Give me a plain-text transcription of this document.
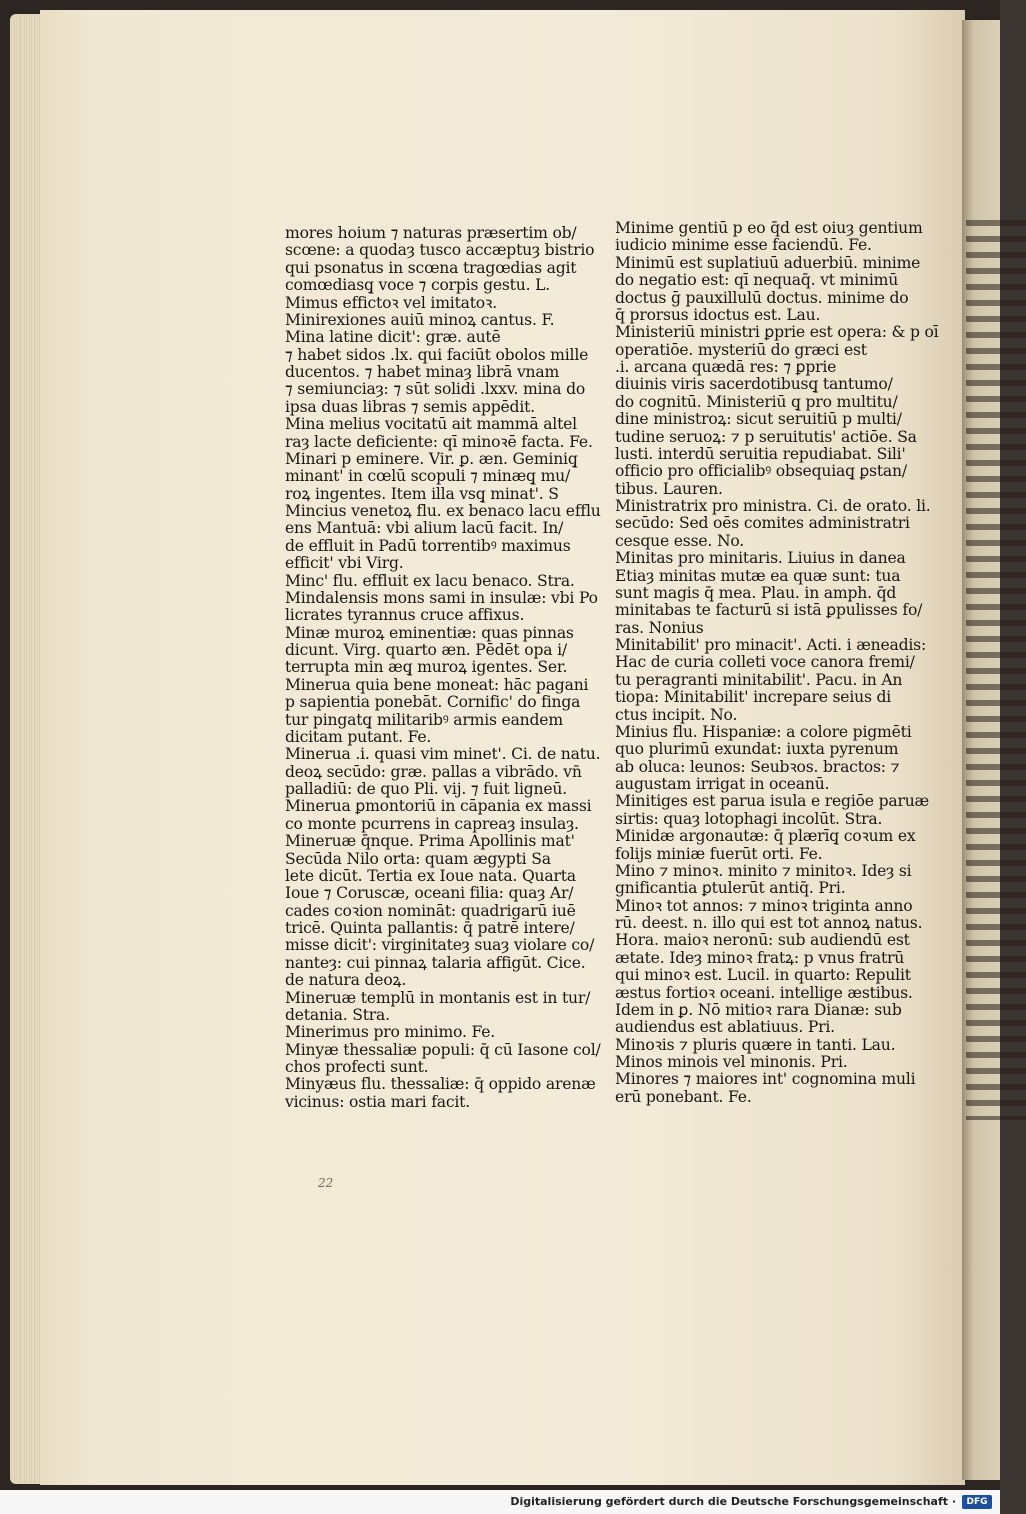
mores hoium ⁊ naturas præsertim ob/
scœne: a quodaȝ tusco accæptuȝ bistrio
qui psonatus in scœna tragœdias agit
comœdiasq̧ voce ⁊ corpis gestu. L.
Mimus effictoꝛ vel imitatoꝛ.
Minirexiones auiū minoꝝ cantus. F.
Mina latine dicit': græ. autē
⁊ habet sidos .lx. qui faciūt obolos mille
ducentos. ⁊ habet minaȝ librā vnam
⁊ semiunciaȝ: ⁊ sūt solidi .lxxv. mina do
ipsa duas libras ⁊ semis appēdit.
Mina melius vocitatū ait mammā altel
raȝ lacte deficiente: qī minoꝛē facta. Fe.
Minari p eminere. Vir. ꝑ. æn. Geminiq̧
minant' in cœlū scopuli ⁊ minæq̧ mu/
roꝝ ingentes. Item illa vsq̧ minat'. S
Mincius venetoꝝ flu. ex benaco lacu efflu
ens Mantuā: vbi alium lacū facit. In/
de effluit in Padū torrentibꝰ maximus
efficit' vbi Virg.
Minc' flu. effluit ex lacu benaco. Stra.
Mindalensis mons sami in insulæ: vbi Po
licrates tyrannus cruce affixus.
Minæ muroꝝ eminentiæ: quas pinnas
dicunt. Virg. quarto æn. Pēdēt opa i/
terrupta min æq̧ muroꝝ igentes. Ser.
Minerua quia bene moneat: hāc pagani
p sapientia ponebāt. Cornific' do finga
tur pingatq̧ militaribꝰ armis eandem
dicitam putant. Fe.
Minerua .i. quasi vim minet'. Ci. de natu.
deoꝝ secūdo: græ. pallas a vibrādo. vn̄
palladiū: de quo Pli. vij. ⁊ fuit ligneū.
Minerua ꝑmontoriū in cāpania ex massi
co monte pcurrens in capreaȝ insulaȝ.
Mineruæ q̄nque. Prima Apollinis mat'
Secūda Nilo orta: quam ægypti Sa
lete dicūt. Tertia ex Ioue nata. Quarta
Ioue ⁊ Coruscæ, oceani filia: quaȝ Ar/
cades coꝛion nomināt: quadrigarū iuē
tricē. Quinta pallantis: q̄ patrē intere/
misse dicit': virginitateȝ suaȝ violare co/
nanteȝ: cui pinnaꝝ talaria affigūt. Cice.
de natura deoꝝ.
Mineruæ templū in montanis est in tur/
detania. Stra.
Minerimus pro minimo. Fe.
Minyæ thessaliæ populi: q̄ cū Iasone col/
chos profecti sunt.
Minyæus flu. thessaliæ: q̄ oppido arenæ
vicinus: ostia mari facit.
Minime gentiū p eo q̄d est oiuȝ gentium
iudicio minime esse faciendū. Fe.
Minimū est suplatiuū aduerbiū. minime
do negatio est: qī nequaq̄. vt minimū
doctus ḡ pauxillulū doctus. minime do
q̄ prorsus idoctus est. Lau.
Ministeriū ministri ꝑprie est opera: & p oī
operatiōe. mysteriū do græci est
.i. arcana quædā res: ⁊ ꝑprie
diuinis viris sacerdotibusq̧ tantumo/
do cognitū. Ministeriū q̧ pro multitu/
dine ministroꝝ: sicut seruitiū p multi/
tudine seruoꝝ: ⁊ p seruitutis' actiōe. Sa
lusti. interdū seruitia repudiabat. Sili'
officio pro officialibꝰ obsequiaq̧ ꝑstan/
tibus. Lauren.
Ministratrix pro ministra. Ci. de orato. li.
secūdo: Sed oēs comites administratri
cesque esse. No.
Minitas pro minitaris. Liuius in danea
Etiaȝ minitas mutæ ea quæ sunt: tua
sunt magis q̄ mea. Plau. in amph. q̄d
minitabas te facturū si istā ꝑpulisses fo/
ras. Nonius
Minitabilit' pro minacit'. Acti. i æneadis:
Hac de curia colleti voce canora fremi/
tu peragranti minitabilit'. Pacu. in An
tiopa: Minitabilit' increpare seius di
ctus incipit. No.
Minius flu. Hispaniæ: a colore pigmēti
quo plurimū exundat: iuxta pyrenum
ab oluca: leunos: Seubꝛos. bractos: ⁊
augustam irrigat in oceanū.
Minitiges est parua isula e regiōe paruæ
sirtis: quaȝ lotophagi incolūt. Stra.
Minidæ argonautæ: q̄ plærīq̧ coꝛum ex
folijs miniæ fuerūt orti. Fe.
Mino ⁊ minoꝛ. minito ⁊ minitoꝛ. Ideȝ si
gnificantia ꝑtulerūt antiq̄. Pri.
Minoꝛ tot annos: ⁊ minoꝛ triginta anno
rū. deest. n. illo qui est tot annoꝝ natus.
Hora. maioꝛ neronū: sub audiendū est
ætate. Ideȝ minoꝛ fratꝝ: p vnus fratrū
qui minoꝛ est. Lucil. in quarto: Repulit
æstus fortioꝛ oceani. intellige æstibus.
Idem in ꝑ. Nō mitioꝛ rara Dianæ: sub
audiendus est ablatiuus. Pri.
Minoꝛis ⁊ pluris quære in tanti. Lau.
Minos minois vel minonis. Pri.
Minores ⁊ maiores int' cognomina muli
erū ponebant. Fe.
22
Digitalisierung gefördert durch die Deutsche Forschungsgemeinschaft ·	DFG
